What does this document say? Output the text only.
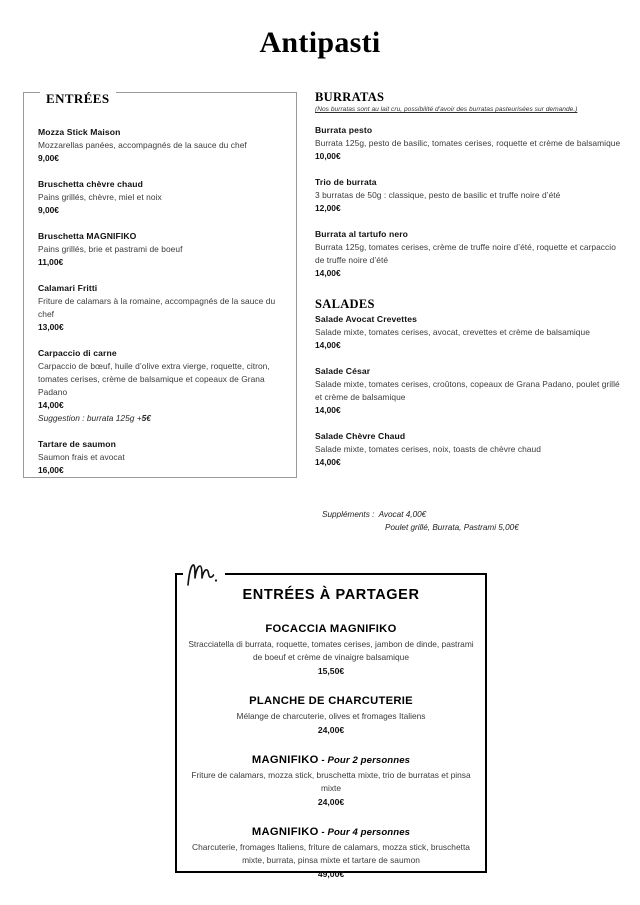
Antipasti
ENTRÉES
Mozza Stick Maison
Mozzarellas panées, accompagnés de la sauce du chef
9,00€
Bruschetta chèvre chaud
Pains grillés, chèvre, miel et noix
9,00€
Bruschetta MAGNIFIKO
Pains grillés, brie et pastrami de boeuf
11,00€
Calamari Fritti
Friture de calamars à la romaine, accompagnés de la sauce du chef
13,00€
Carpaccio di carne
Carpaccio de bœuf, huile d’olive extra vierge, roquette, citron, tomates cerises, crème de balsamique et copeaux de Grana Padano
14,00€
Suggestion : burrata 125g +5€
Tartare de saumon
Saumon frais et avocat
16,00€
BURRATAS
(Nos burratas sont au lait cru, possibilité d’avoir des burratas pasteurisées sur demande.)
Burrata pesto
Burrata 125g, pesto de basilic, tomates cerises, roquette et crème de balsamique
10,00€
Trio de burrata
3 burratas de 50g : classique, pesto de basilic et truffe noire d’été
12,00€
Burrata al tartufo nero
Burrata 125g, tomates cerises, crème de truffe noire d’été, roquette et carpaccio de truffe noire d’été
14,00€
SALADES
Salade Avocat Crevettes
Salade mixte, tomates cerises, avocat, crevettes et crème de balsamique
14,00€
Salade César
Salade mixte, tomates cerises, croûtons, copeaux de Grana Padano, poulet grillé et crème de balsamique
14,00€
Salade Chèvre Chaud
Salade mixte, tomates cerises, noix, toasts de chèvre chaud
14,00€
Suppléments :  Avocat 4,00€
Poulet grillé, Burrata, Pastrami 5,00€
ENTRÉES À PARTAGER
FOCACCIA MAGNIFIKO
Stracciatella di burrata, roquette, tomates cerises, jambon de dinde, pastrami de boeuf et crème de vinaigre balsamique
15,50€
PLANCHE DE CHARCUTERIE
Mélange de charcuterie, olives et fromages Italiens
24,00€
MAGNIFIKO - Pour 2 personnes
Friture de calamars, mozza stick, bruschetta mixte, trio de burratas et pinsa mixte
24,00€
MAGNIFIKO - Pour 4 personnes
Charcuterie, fromages Italiens, friture de calamars, mozza stick, bruschetta mixte, burrata, pinsa mixte et tartare de saumon
49,00€
